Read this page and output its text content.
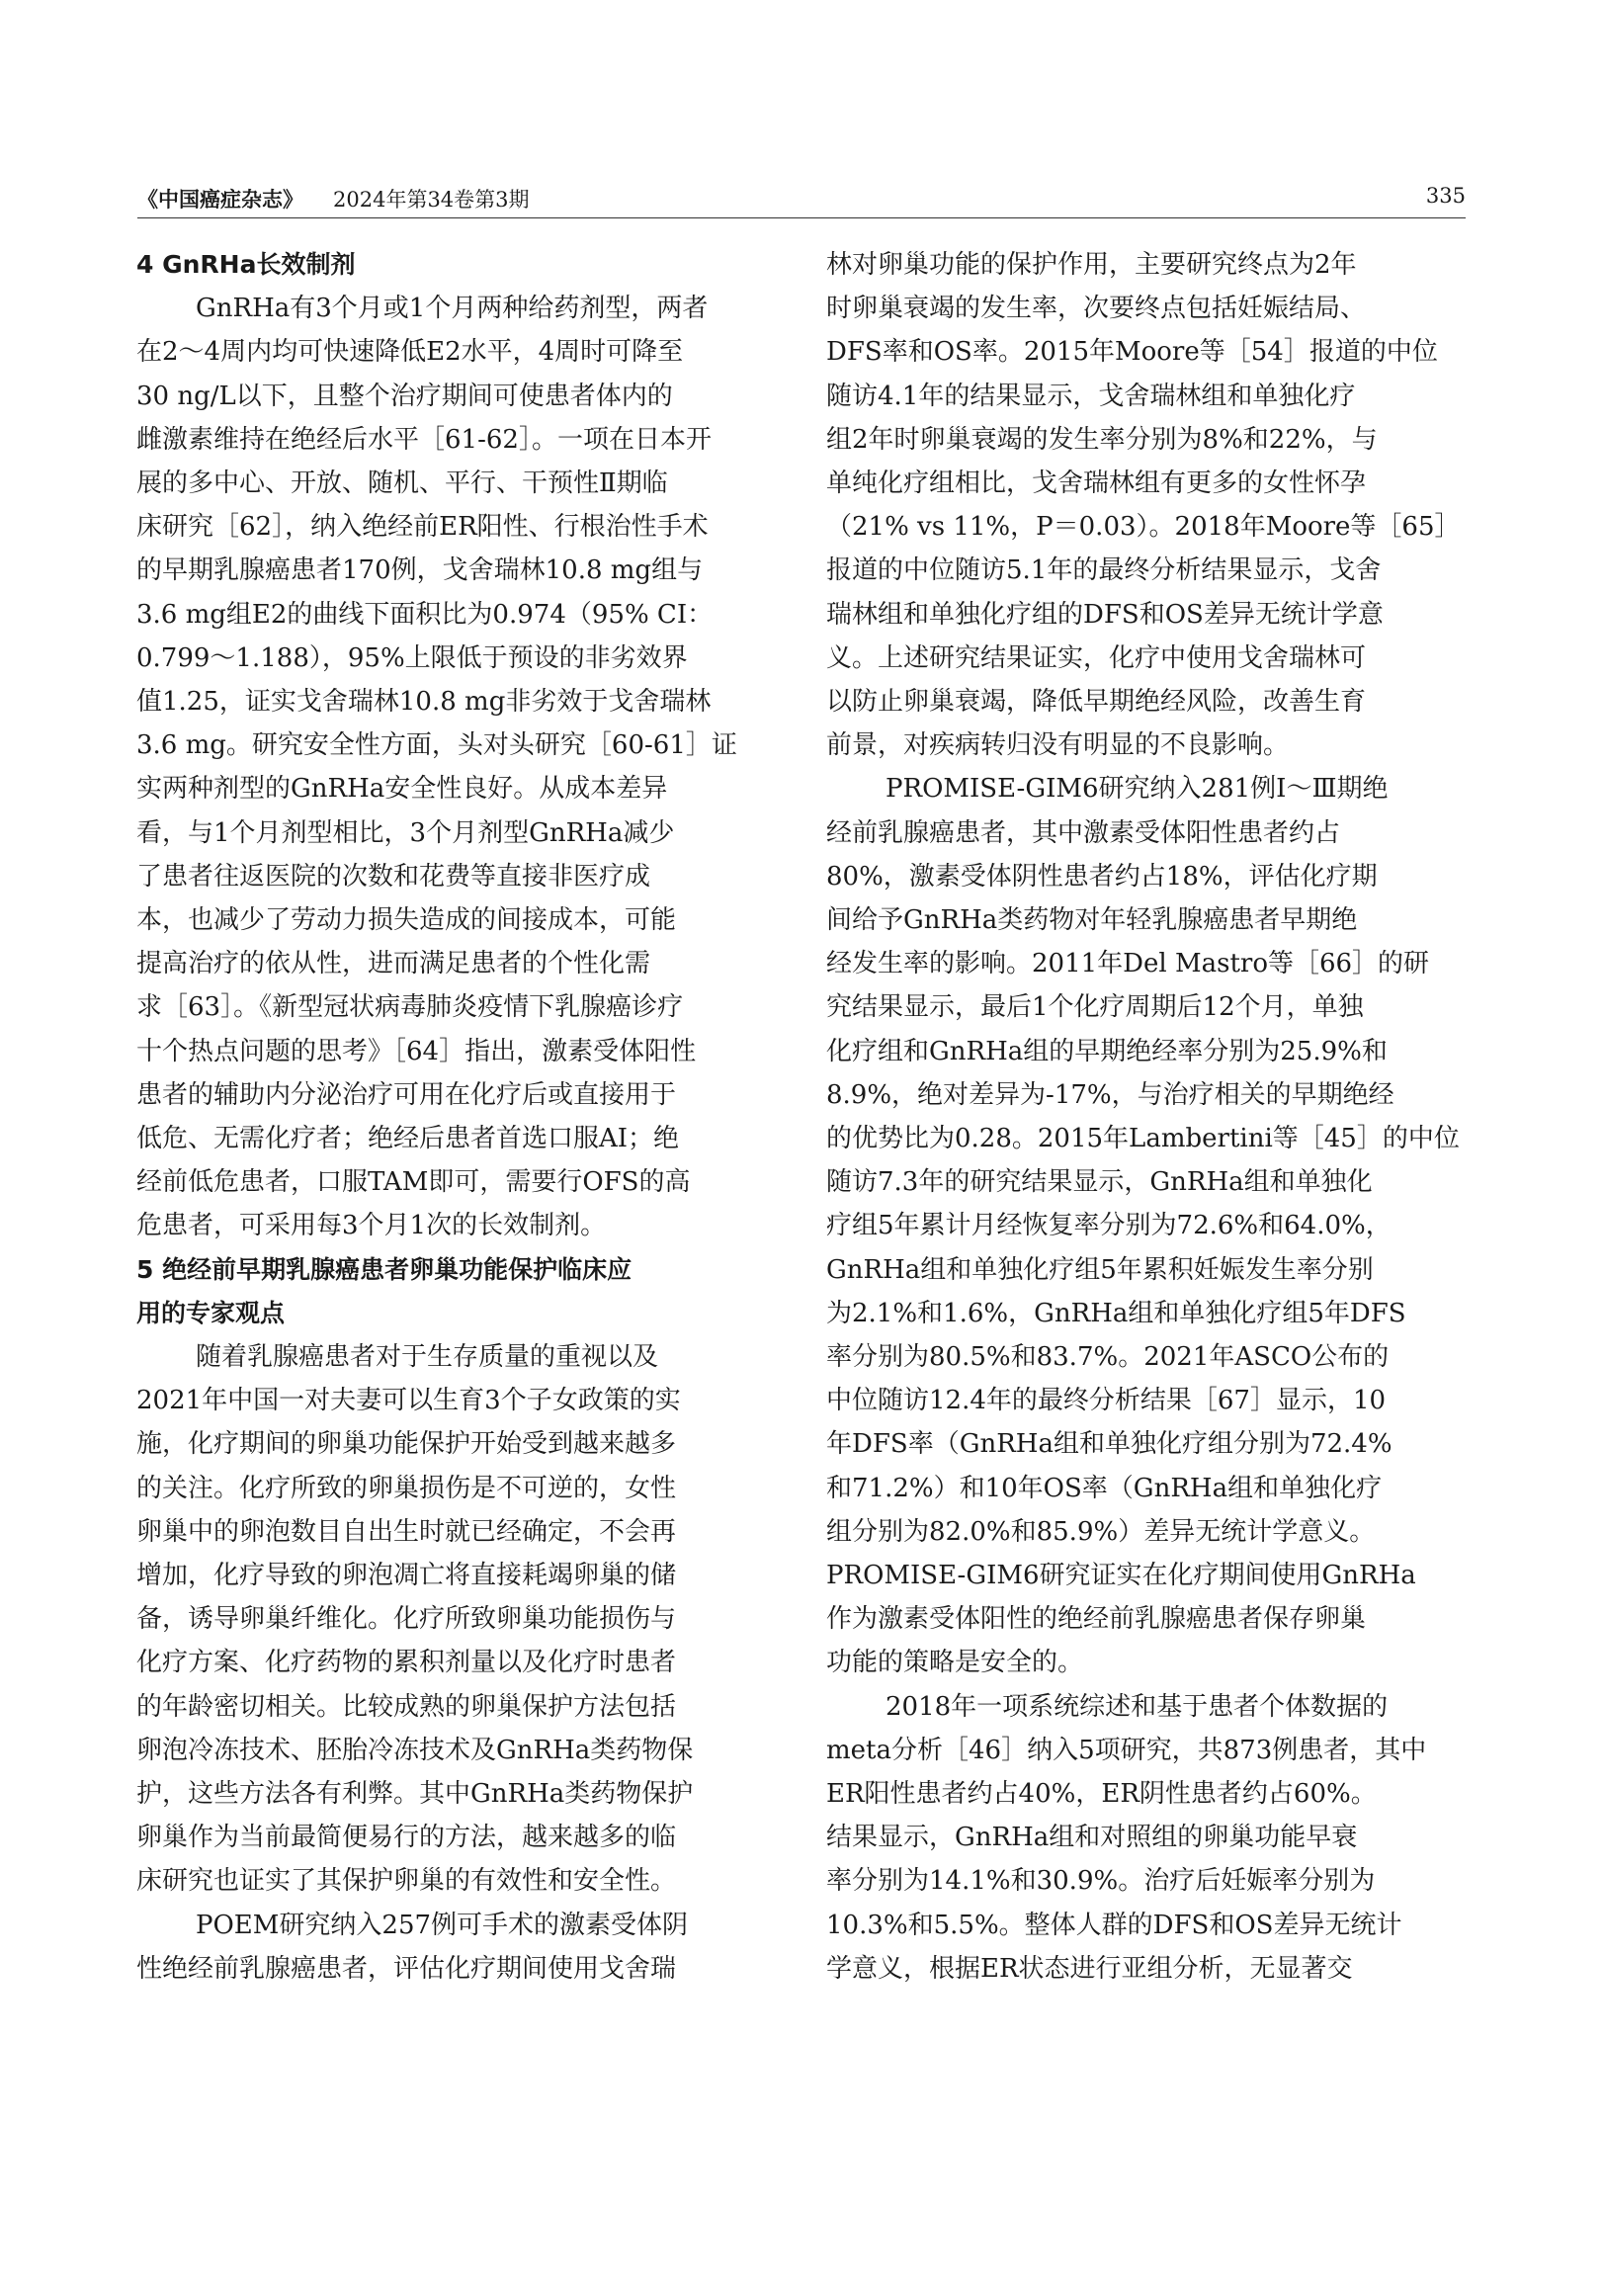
《中国癌症杂志》 2024年第34卷第3期	335
4 GnRHa长效制剂
GnRHa有3个月或1个月两种给药剂型，两者
在2～4周内均可快速降低E2水平，4周时可降至
30 ng/L以下，且整个治疗期间可使患者体内的
雌激素维持在绝经后水平［61-62］。一项在日本开
展的多中心、开放、随机、平行、干预性Ⅱ期临
床研究［62］，纳入绝经前ER阳性、行根治性手术
的早期乳腺癌患者170例，戈舍瑞林10.8 mg组与
3.6 mg组E2的曲线下面积比为0.974（95% CI：
0.799～1.188），95%上限低于预设的非劣效界
值1.25，证实戈舍瑞林10.8 mg非劣效于戈舍瑞林
3.6 mg。研究安全性方面，头对头研究［60-61］证
实两种剂型的GnRHa安全性良好。从成本差异
看，与1个月剂型相比，3个月剂型GnRHa减少
了患者往返医院的次数和花费等直接非医疗成
本，也减少了劳动力损失造成的间接成本，可能
提高治疗的依从性，进而满足患者的个性化需
求［63］。《新型冠状病毒肺炎疫情下乳腺癌诊疗
十个热点问题的思考》［64］指出，激素受体阳性
患者的辅助内分泌治疗可用在化疗后或直接用于
低危、无需化疗者；绝经后患者首选口服AI；绝
经前低危患者，口服TAM即可，需要行OFS的高
危患者，可采用每3个月1次的长效制剂。
5 绝经前早期乳腺癌患者卵巢功能保护临床应
用的专家观点
随着乳腺癌患者对于生存质量的重视以及
2021年中国一对夫妻可以生育3个子女政策的实
施，化疗期间的卵巢功能保护开始受到越来越多
的关注。化疗所致的卵巢损伤是不可逆的，女性
卵巢中的卵泡数目自出生时就已经确定，不会再
增加，化疗导致的卵泡凋亡将直接耗竭卵巢的储
备，诱导卵巢纤维化。化疗所致卵巢功能损伤与
化疗方案、化疗药物的累积剂量以及化疗时患者
的年龄密切相关。比较成熟的卵巢保护方法包括
卵泡冷冻技术、胚胎冷冻技术及GnRHa类药物保
护，这些方法各有利弊。其中GnRHa类药物保护
卵巢作为当前最简便易行的方法，越来越多的临
床研究也证实了其保护卵巢的有效性和安全性。
POEM研究纳入257例可手术的激素受体阴
性绝经前乳腺癌患者，评估化疗期间使用戈舍瑞
林对卵巢功能的保护作用，主要研究终点为2年
时卵巢衰竭的发生率，次要终点包括妊娠结局、
DFS率和OS率。2015年Moore等［54］报道的中位
随访4.1年的结果显示，戈舍瑞林组和单独化疗
组2年时卵巢衰竭的发生率分别为8%和22%，与
单纯化疗组相比，戈舍瑞林组有更多的女性怀孕
（21% vs 11%，P＝0.03）。2018年Moore等［65］
报道的中位随访5.1年的最终分析结果显示，戈舍
瑞林组和单独化疗组的DFS和OS差异无统计学意
义。上述研究结果证实，化疗中使用戈舍瑞林可
以防止卵巢衰竭，降低早期绝经风险，改善生育
前景，对疾病转归没有明显的不良影响。
PROMISE-GIM6研究纳入281例Ⅰ～Ⅲ期绝
经前乳腺癌患者，其中激素受体阳性患者约占
80%，激素受体阴性患者约占18%，评估化疗期
间给予GnRHa类药物对年轻乳腺癌患者早期绝
经发生率的影响。2011年Del Mastro等［66］的研
究结果显示，最后1个化疗周期后12个月，单独
化疗组和GnRHa组的早期绝经率分别为25.9%和
8.9%，绝对差异为-17%，与治疗相关的早期绝经
的优势比为0.28。2015年Lambertini等［45］的中位
随访7.3年的研究结果显示，GnRHa组和单独化
疗组5年累计月经恢复率分别为72.6%和64.0%，
GnRHa组和单独化疗组5年累积妊娠发生率分别
为2.1%和1.6%，GnRHa组和单独化疗组5年DFS
率分别为80.5%和83.7%。2021年ASCO公布的
中位随访12.4年的最终分析结果［67］显示，10
年DFS率（GnRHa组和单独化疗组分别为72.4%
和71.2%）和10年OS率（GnRHa组和单独化疗
组分别为82.0%和85.9%）差异无统计学意义。
PROMISE-GIM6研究证实在化疗期间使用GnRHa
作为激素受体阳性的绝经前乳腺癌患者保存卵巢
功能的策略是安全的。
2018年一项系统综述和基于患者个体数据的
meta分析［46］纳入5项研究，共873例患者，其中
ER阳性患者约占40%，ER阴性患者约占60%。
结果显示，GnRHa组和对照组的卵巢功能早衰
率分别为14.1%和30.9%。治疗后妊娠率分别为
10.3%和5.5%。整体人群的DFS和OS差异无统计
学意义，根据ER状态进行亚组分析，无显著交
